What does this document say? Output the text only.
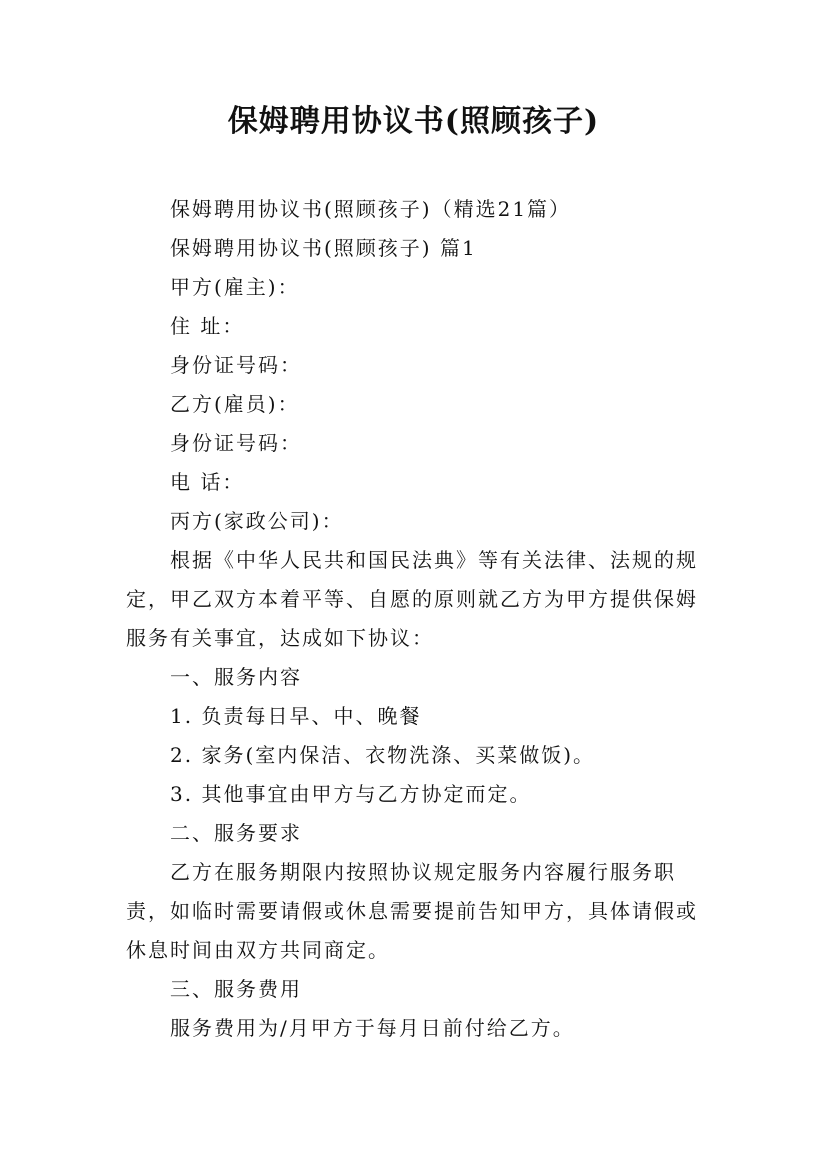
保姆聘用协议书(照顾孩子)

保姆聘用协议书(照顾孩子)（精选21篇）

保姆聘用协议书(照顾孩子) 篇1

甲方(雇主)：

住 址：

身份证号码：

乙方(雇员)：

身份证号码：

电 话：

丙方(家政公司)：

根据《中华人民共和国民法典》等有关法律、法规的规定，甲乙双方本着平等、自愿的原则就乙方为甲方提供保姆服务有关事宜，达成如下协议：

一、服务内容

1. 负责每日早、中、晚餐

2. 家务(室内保洁、衣物洗涤、买菜做饭)。

3. 其他事宜由甲方与乙方协定而定。

二、服务要求

乙方在服务期限内按照协议规定服务内容履行服务职责，如临时需要请假或休息需要提前告知甲方，具体请假或休息时间由双方共同商定。

三、服务费用

服务费用为/月甲方于每月日前付给乙方。
